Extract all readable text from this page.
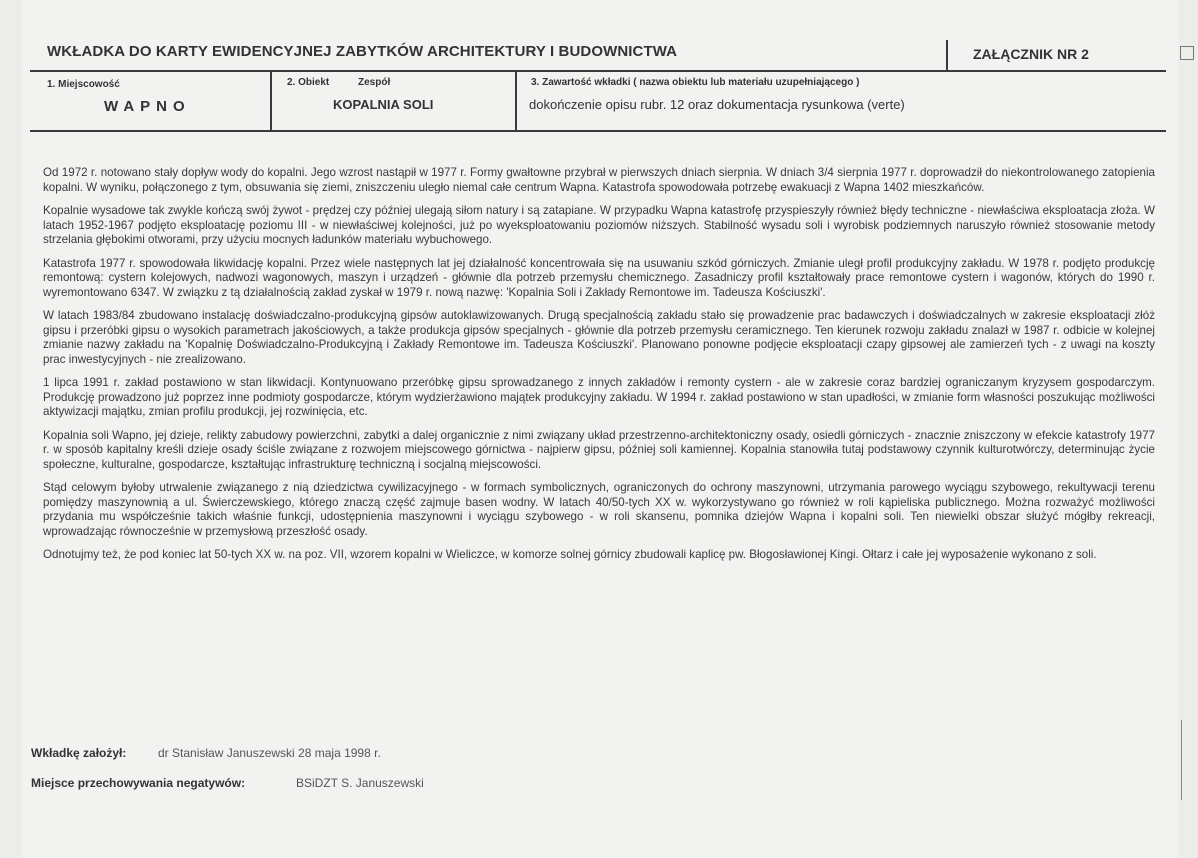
WKŁADKA DO KARTY EWIDENCYJNEJ ZABYTKÓW ARCHITEKTURY I BUDOWNICTWA	ZAŁĄCZNIK NR 2
1. Miejscowość
WAPNO
2. Obiekt	Zespół
KOPALNIA SOLI
3. Zawartość wkładki ( nazwa obiektu lub materiału uzupełniającego )
dokończenie opisu rubr. 12 oraz dokumentacja rysunkowa (verte)

Od 1972 r. notowano stały dopływ wody do kopalni. Jego wzrost nastąpił w 1977 r. Formy gwałtowne przybrał w pierwszych dniach sierpnia. W dniach 3/4 sierpnia 1977 r. doprowadził do niekontrolowanego zatopienia kopalni. W wyniku, połączonego z tym, obsuwania się ziemi, zniszczeniu uległo niemal całe centrum Wapna. Katastrofa spowodowała potrzebę ewakuacji z Wapna 1402 mieszkańców.

Kopalnie wysadowe tak zwykle kończą swój żywot - prędzej czy później ulegają siłom natury i są zatapiane. W przypadku Wapna katastrofę przyspieszyły również błędy techniczne - niewłaściwa eksploatacja złoża. W latach 1952-1967 podjęto eksploatację poziomu III - w niewłaściwej kolejności, już po wyeksploatowaniu poziomów niższych. Stabilność wysadu soli i wyrobisk podziemnych naruszyło również stosowanie metody strzelania głębokimi otworami, przy użyciu mocnych ładunków materiału wybuchowego.

Katastrofa 1977 r. spowodowała likwidację kopalni. Przez wiele następnych lat jej działalność koncentrowała się na usuwaniu szkód górniczych. Zmianie uległ profil produkcyjny zakładu. W 1978 r. podjęto produkcję remontową: cystern kolejowych, nadwozi wagonowych, maszyn i urządzeń - głównie dla potrzeb przemysłu chemicznego. Zasadniczy profil kształtowały prace remontowe cystern i wagonów, których do 1990 r. wyremontowano 6347. W związku z tą działalnością zakład zyskał w 1979 r. nową nazwę: 'Kopalnia Soli i Zakłady Remontowe im. Tadeusza Kościuszki'.

W latach 1983/84 zbudowano instalację doświadczalno-produkcyjną gipsów autoklawizowanych. Drugą specjalnością zakładu stało się prowadzenie prac badawczych i doświadczalnych w zakresie eksploatacji złóż gipsu i przeróbki gipsu o wysokich parametrach jakościowych, a także produkcja gipsów specjalnych - głównie dla potrzeb przemysłu ceramicznego. Ten kierunek rozwoju zakładu znalazł w 1987 r. odbicie w kolejnej zmianie nazwy zakładu na 'Kopalnię Doświadczalno-Produkcyjną i Zakłady Remontowe im. Tadeusza Kościuszki'. Planowano ponowne podjęcie eksploatacji czapy gipsowej ale zamierzeń tych - z uwagi na koszty prac inwestycyjnych - nie zrealizowano.

1 lipca 1991 r. zakład postawiono w stan likwidacji. Kontynuowano przeróbkę gipsu sprowadzanego z innych zakładów i remonty cystern - ale w zakresie coraz bardziej ograniczanym kryzysem gospodarczym. Produkcję prowadzono już poprzez inne podmioty gospodarcze, którym wydzierżawiono majątek produkcyjny zakładu. W 1994 r. zakład postawiono w stan upadłości, w zmianie form własności poszukując możliwości aktywizacji majątku, zmian profilu produkcji, jej rozwinięcia, etc.

Kopalnia soli Wapno, jej dzieje, relikty zabudowy powierzchni, zabytki a dalej organicznie z nimi związany układ przestrzenno-architektoniczny osady, osiedli górniczych - znacznie zniszczony w efekcie katastrofy 1977 r. w sposób kapitalny kreśli dzieje osady ściśle związane z rozwojem miejscowego górnictwa - najpierw gipsu, później soli kamiennej. Kopalnia stanowiła tutaj podstawowy czynnik kulturotwórczy, determinując życie społeczne, kulturalne, gospodarcze, kształtując infrastrukturę techniczną i socjalną miejscowości.

Stąd celowym byłoby utrwalenie związanego z nią dziedzictwa cywilizacyjnego - w formach symbolicznych, ograniczonych do ochrony maszynowni, utrzymania parowego wyciągu szybowego, rekultywacji terenu pomiędzy maszynownią a ul. Świerczewskiego, którego znaczą część zajmuje basen wodny. W latach 40/50-tych XX w. wykorzystywano go również w roli kąpieliska publicznego. Można rozważyć możliwości przydania mu współcześnie takich właśnie funkcji, udostępnienia maszynowni i wyciągu szybowego - w roli skansenu, pomnika dziejów Wapna i kopalni soli. Ten niewielki obszar służyć mógłby rekreacji, wprowadzając równocześnie w przemysłową przeszłość osady.

Odnotujmy też, że pod koniec lat 50-tych XX w. na poz. VII, wzorem kopalni w Wieliczce, w komorze solnej górnicy zbudowali kaplicę pw. Błogosławionej Kingi. Ołtarz i całe jej wyposażenie wykonano z soli.

Wkładkę założył:	dr Stanisław Januszewski 28 maja 1998 r.
Miejsce przechowywania negatywów:	BSiDZT S. Januszewski
